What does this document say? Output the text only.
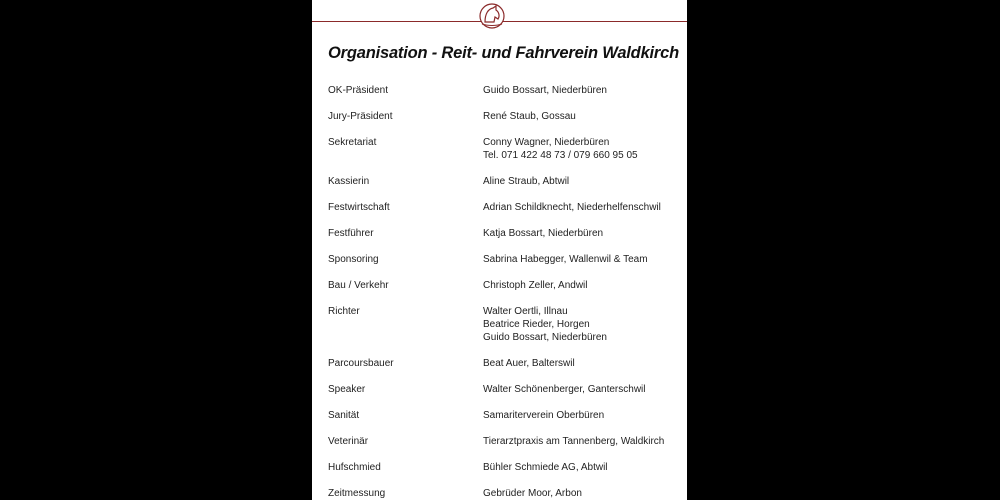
Organisation - Reit- und Fahrverein Waldkirch
OK-Präsident	Guido Bossart, Niederbüren
Jury-Präsident	René Staub, Gossau
Sekretariat	Conny Wagner, Niederbüren
Tel. 071 422 48 73 / 079 660 95 05
Kassierin	Aline Straub, Abtwil
Festwirtschaft	Adrian Schildknecht, Niederhelfenschwil
Festführer	Katja Bossart, Niederbüren
Sponsoring	Sabrina Habegger, Wallenwil & Team
Bau / Verkehr	Christoph Zeller, Andwil
Richter	Walter Oertli, Illnau
Beatrice Rieder, Horgen
Guido Bossart, Niederbüren
Parcoursbauer	Beat Auer, Balterswil
Speaker	Walter Schönenberger, Ganterschwil
Sanität	Samariterverein Oberbüren
Veterinär	Tierarztpraxis am Tannenberg, Waldkirch
Hufschmied	Bühler Schmiede AG, Abtwil
Zeitmessung	Gebrüder Moor, Arbon
